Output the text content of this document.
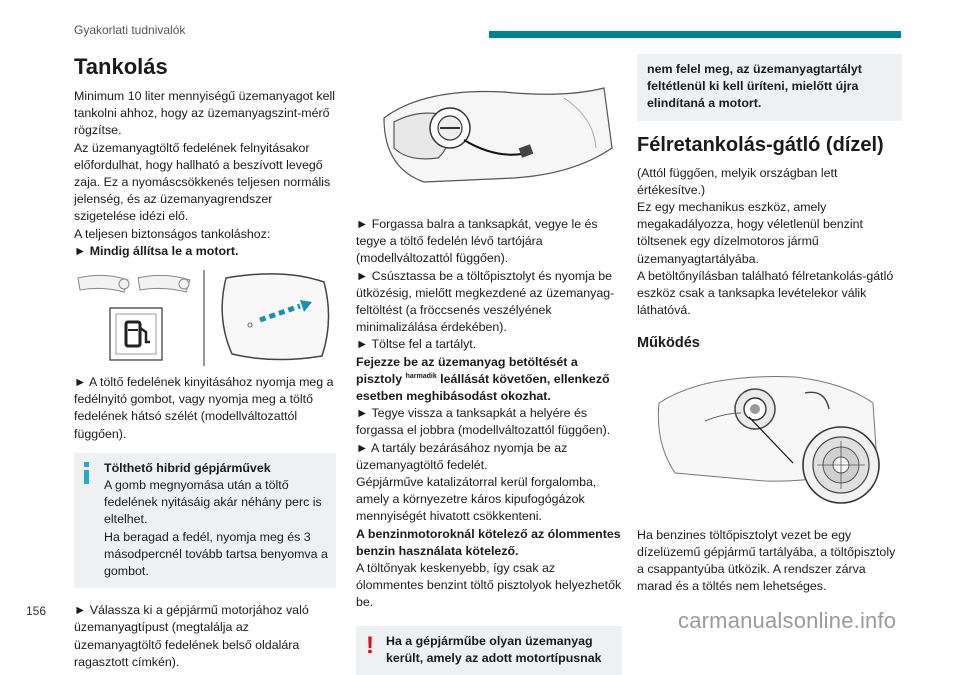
Gyakorlati tudnivalók
Tankolás

Minimum 10 liter mennyiségű üzemanyagot kell tankolni ahhoz, hogy az üzemanyagszint-mérő rögzítse.

Az üzemanyagtöltő fedelének felnyitásakor előfordulhat, hogy hallható a beszívott levegő zaja. Ez a nyomáscsökkenés teljesen normális jelenség, és az üzemanyagrendszer szigetelése idézi elő.

A teljesen biztonságos tankoláshoz:

► Mindig állítsa le a motort.

► A töltő fedelének kinyitásához nyomja meg a fedélnyitó gombot, vagy nyomja meg a töltő fedelének hátsó szélét (modellváltozattól függően).

Tölthető hibrid gépjárművek

A gomb megnyomása után a töltő fedelének nyitásáig akár néhány perc is eltelhet.

Ha beragad a fedél, nyomja meg és 3 másodpercnél tovább tartsa benyomva a gombot.

► Válassza ki a gépjármű motorjához való üzemanyagtípust (megtalálja az üzemanyagtöltő fedelének belső oldalára ragasztott címkén).

► Forgassa balra a tanksapkát, vegye le és tegye a töltő fedelén lévő tartójára (modellváltozattól függően).

► Csúsztassa be a töltőpisztolyt és nyomja be ütközésig, mielőtt megkezdené az üzemanyag-feltöltést (a fröccsenés veszélyének minimalizálása érdekében).

► Töltse fel a tartályt.

Fejezze be az üzemanyag betöltését a pisztoly $^{harmadik}$ leállását követően, ellenkező esetben meghibásodást okozhat.

► Tegye vissza a tanksapkát a helyére és forgassa el jobbra (modellváltozattól függően).

► A tartály bezárásához nyomja be az üzemanyagtöltő fedelét.

Gépjárműve katalizátorral kerül forgalomba, amely a környezetre káros kipufogógázok mennyiségét hivatott csökkenteni.

A benzinmotoroknál kötelező az ólommentes benzin használata kötelező.

A töltőnyak keskenyebb, így csak az ólommentes benzint töltő pisztolyok helyezhetők be.

! Ha a gépjárműbe olyan üzemanyag került, amely az adott motortípusnak

nem felel meg, az üzemanyagtartályt feltétlenül ki kell üríteni, mielőtt újra elindítaná a motort.

Félretankolás-gátló (dízel)

(Attól függően, melyik országban lett értékesítve.)

Ez egy mechanikus eszköz, amely megakadályozza, hogy véletlenül benzint töltsenek egy dízelmotoros jármű üzemanyagtartályába.

A betöltőnyílásban található félretankolás-gátló eszköz csak a tanksapka levételekor válik láthatóvá.

Működés

Ha benzines töltőpisztolyt vezet be egy dízelüzemű gépjármű tartályába, a töltőpisztoly a csappantyúba ütközik. A rendszer zárva marad és a töltés nem lehetséges.

156	carmanualsonline.info
